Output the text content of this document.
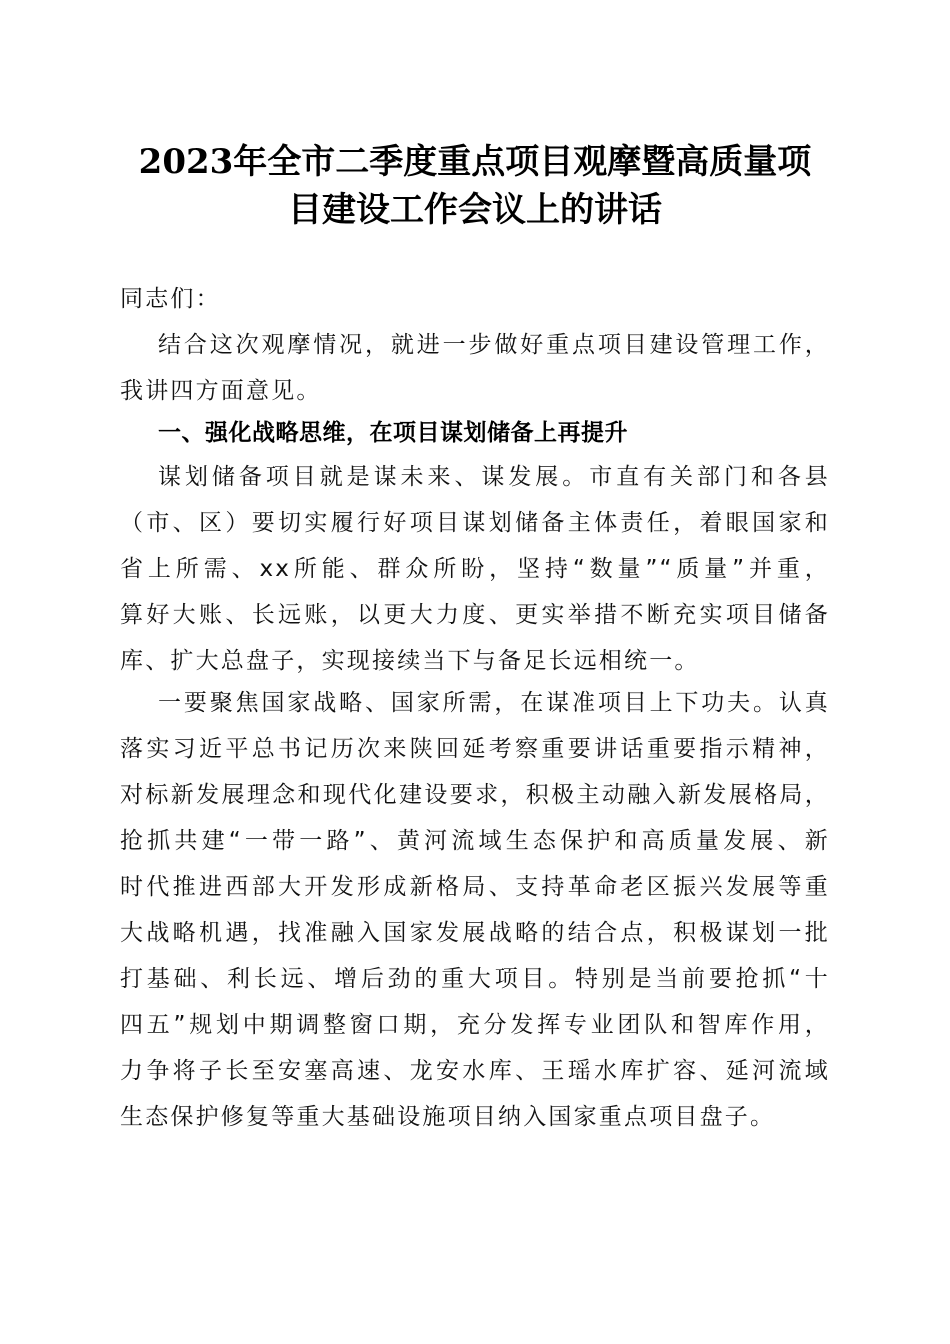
2023年全市二季度重点项目观摩暨高质量项
目建设工作会议上的讲话
同志们：
结合这次观摩情况，就进一步做好重点项目建设管理工作，
我讲四方面意见。
一、强化战略思维，在项目谋划储备上再提升
谋划储备项目就是谋未来、谋发展。市直有关部门和各县
（市、区）要切实履行好项目谋划储备主体责任，着眼国家和
省上所需、xx所能、群众所盼，坚持“数量”“质量”并重，
算好大账、长远账，以更大力度、更实举措不断充实项目储备
库、扩大总盘子，实现接续当下与备足长远相统一。
一要聚焦国家战略、国家所需，在谋准项目上下功夫。认真
落实习近平总书记历次来陕回延考察重要讲话重要指示精神，
对标新发展理念和现代化建设要求，积极主动融入新发展格局，
抢抓共建“一带一路”、黄河流域生态保护和高质量发展、新
时代推进西部大开发形成新格局、支持革命老区振兴发展等重
大战略机遇，找准融入国家发展战略的结合点，积极谋划一批
打基础、利长远、增后劲的重大项目。特别是当前要抢抓“十
四五”规划中期调整窗口期，充分发挥专业团队和智库作用，
力争将子长至安塞高速、龙安水库、王瑶水库扩容、延河流域
生态保护修复等重大基础设施项目纳入国家重点项目盘子。
